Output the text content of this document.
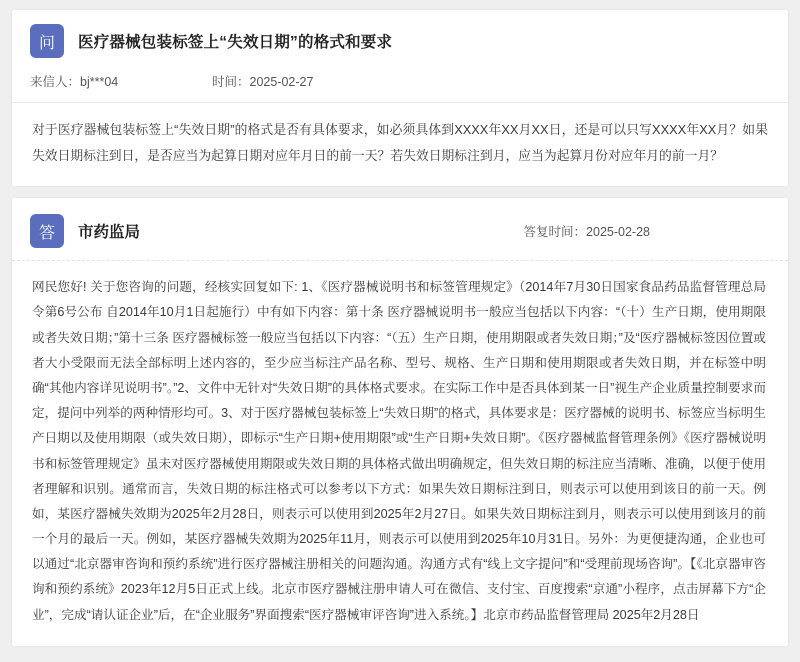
问	医疗器械包装标签上“失效日期”的格式和要求
来信人：bj***04	时间：2025-02-27
对于医疗器械包装标签上“失效日期”的格式是否有具体要求，如必须具体到XXXX年XX月XX日，还是可以只写XXXX年XX月？如果失效日期标注到日，是否应当为起算日期对应年月日的前一天？若失效日期标注到月，应当为起算月份对应年月的前一月？
答	市药监局	答复时间：2025-02-28
网民您好! 关于您咨询的问题，经核实回复如下: 1、《医疗器械说明书和标签管理规定》（2014年7月30日国家食品药品监督管理总局令第6号公布 自2014年10月1日起施行）中有如下内容：第十条 医疗器械说明书一般应当包括以下内容：“（十）生产日期，使用期限或者失效日期；”第十三条 医疗器械标签一般应当包括以下内容：“（五）生产日期，使用期限或者失效日期；”及“医疗器械标签因位置或者大小受限而无法全部标明上述内容的，至少应当标注产品名称、型号、规格、生产日期和使用期限或者失效日期，并在标签中明确“其他内容详见说明书”。”2、文件中无针对“失效日期”的具体格式要求。在实际工作中是否具体到某一日”视生产企业质量控制要求而定，提问中列举的两种情形均可。3、对于医疗器械包装标签上“失效日期”的格式，具体要求是：医疗器械的说明书、标签应当标明生产日期以及使用期限（或失效日期），即标示“生产日期+使用期限”或“生产日期+失效日期”。《医疗器械监督管理条例》《医疗器械说明书和标签管理规定》虽未对医疗器械使用期限或失效日期的具体格式做出明确规定，但失效日期的标注应当清晰、准确，以便于使用者理解和识别。通常而言，失效日期的标注格式可以参考以下方式：如果失效日期标注到日，则表示可以使用到该日的前一天。例如，某医疗器械失效期为2025年2月28日，则表示可以使用到2025年2月27日。如果失效日期标注到月，则表示可以使用到该月的前一个月的最后一天。例如，某医疗器械失效期为2025年11月，则表示可以使用到2025年10月31日。另外：为更便捷沟通，企业也可以通过“北京器审咨询和预约系统”进行医疗器械注册相关的问题沟通。沟通方式有“线上文字提问”和“受理前现场咨询”。【《北京器审咨询和预约系统》2023年12月5日正式上线。北京市医疗器械注册申请人可在微信、支付宝、百度搜索“京通”小程序，点击屏幕下方“企业”，完成“请认证企业”后，在“企业服务”界面搜索“医疗器械审评咨询”进入系统。】北京市药品监督管理局 2025年2月28日
